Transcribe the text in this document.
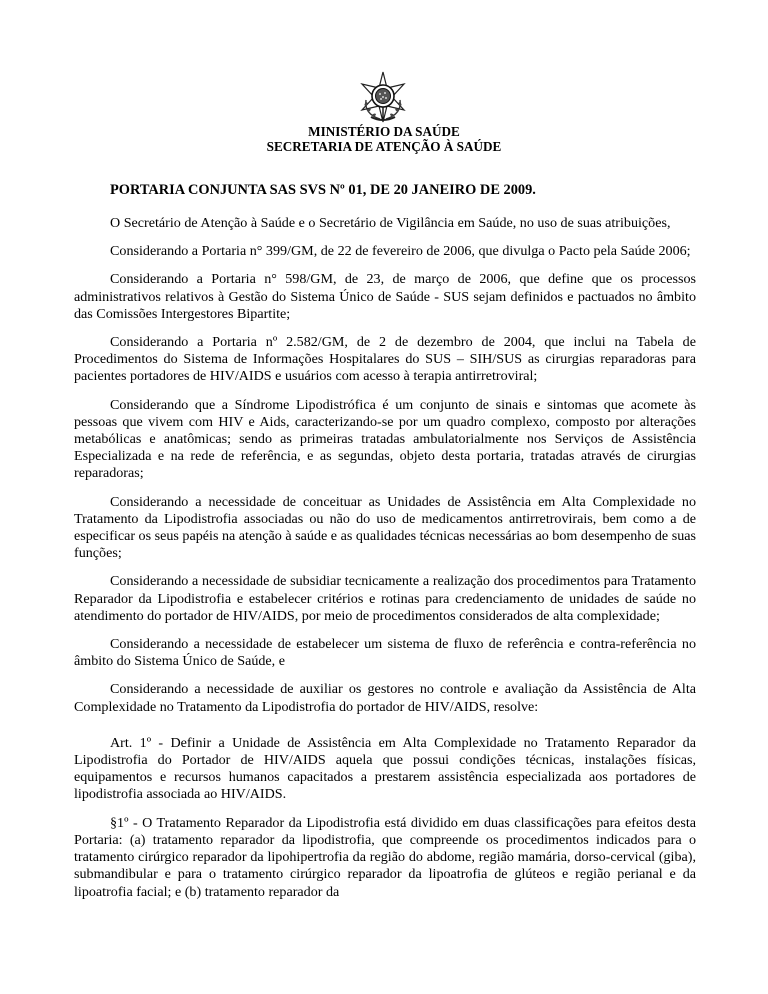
MINISTÉRIO DA SAÚDE
SECRETARIA DE ATENÇÃO À SAÚDE
PORTARIA CONJUNTA SAS SVS Nº 01, DE 20 JANEIRO DE 2009.

O Secretário de Atenção à Saúde e o Secretário de Vigilância em Saúde, no uso de suas atribuições,

Considerando a Portaria n° 399/GM, de 22 de fevereiro de 2006, que divulga o Pacto pela Saúde 2006;

Considerando a Portaria n° 598/GM, de 23, de março de 2006, que define que os processos administrativos relativos à Gestão do Sistema Único de Saúde - SUS sejam definidos e pactuados no âmbito das Comissões Intergestores Bipartite;

Considerando a Portaria nº 2.582/GM, de 2 de dezembro de 2004, que inclui na Tabela de Procedimentos do Sistema de Informações Hospitalares do SUS – SIH/SUS as cirurgias reparadoras para pacientes portadores de HIV/AIDS e usuários com acesso à terapia antirretroviral;

Considerando que a Síndrome Lipodistrófica é um conjunto de sinais e sintomas que acomete às pessoas que vivem com HIV e Aids, caracterizando-se por um quadro complexo, composto por alterações metabólicas e anatômicas; sendo as primeiras tratadas ambulatorialmente nos Serviços de Assistência Especializada e na rede de referência, e as segundas, objeto desta portaria, tratadas através de cirurgias reparadoras;

Considerando a necessidade de conceituar as Unidades de Assistência em Alta Complexidade no Tratamento da Lipodistrofia associadas ou não do uso de medicamentos antirretrovirais, bem como a de especificar os seus papéis na atenção à saúde e as qualidades técnicas necessárias ao bom desempenho de suas funções;

Considerando a necessidade de subsidiar tecnicamente a realização dos procedimentos para Tratamento Reparador da Lipodistrofia e estabelecer critérios e rotinas para credenciamento de unidades de saúde no atendimento do portador de HIV/AIDS, por meio de procedimentos considerados de alta complexidade;

Considerando a necessidade de estabelecer um sistema de fluxo de referência e contra-referência no âmbito do Sistema Único de Saúde, e

Considerando a necessidade de auxiliar os gestores no controle e avaliação da Assistência de Alta Complexidade no Tratamento da Lipodistrofia do portador de HIV/AIDS, resolve:

Art. 1º - Definir a Unidade de Assistência em Alta Complexidade no Tratamento Reparador da Lipodistrofia do Portador de HIV/AIDS aquela que possui condições técnicas, instalações físicas, equipamentos e recursos humanos capacitados a prestarem assistência especializada aos portadores de lipodistrofia associada ao HIV/AIDS.

§1º - O Tratamento Reparador da Lipodistrofia está dividido em duas classificações para efeitos desta Portaria: (a) tratamento reparador da lipodistrofia, que compreende os procedimentos indicados para o tratamento cirúrgico reparador da lipohipertrofia da região do abdome, região mamária, dorso-cervical (giba), submandibular e para o tratamento cirúrgico reparador da lipoatrofia de glúteos e região perianal e da lipoatrofia facial; e (b) tratamento reparador da
